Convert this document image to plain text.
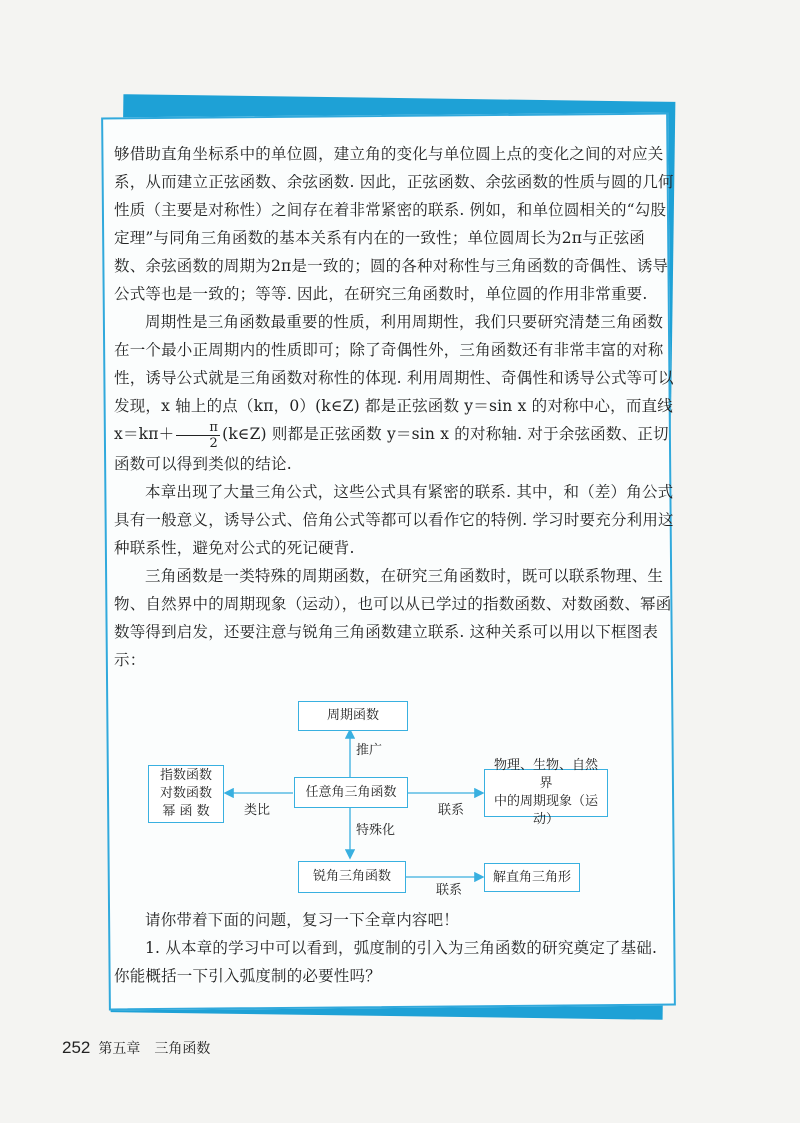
够借助直角坐标系中的单位圆，建立角的变化与单位圆上点的变化之间的对应关系，从而建立正弦函数、余弦函数. 因此，正弦函数、余弦函数的性质与圆的几何性质（主要是对称性）之间存在着非常紧密的联系. 例如，和单位圆相关的“勾股定理”与同角三角函数的基本关系有内在的一致性；单位圆周长为2π与正弦函数、余弦函数的周期为2π是一致的；圆的各种对称性与三角函数的奇偶性、诱导公式等也是一致的；等等. 因此，在研究三角函数时，单位圆的作用非常重要.

周期性是三角函数最重要的性质，利用周期性，我们只要研究清楚三角函数在一个最小正周期内的性质即可；除了奇偶性外，三角函数还有非常丰富的对称性，诱导公式就是三角函数对称性的体现. 利用周期性、奇偶性和诱导公式等可以发现，x 轴上的点（kπ，0）(k∈Z) 都是正弦函数 y＝sin x 的对称中心，而直线 $x=k\pi+ \frac{\pi}{2}$ (k∈Z) 则都是正弦函数 y＝sin x 的对称轴. 对于余弦函数、正切函数可以得到类似的结论.

本章出现了大量三角公式，这些公式具有紧密的联系. 其中，和（差）角公式具有一般意义，诱导公式、倍角公式等都可以看作它的特例. 学习时要充分利用这种联系性，避免对公式的死记硬背.

三角函数是一类特殊的周期函数，在研究三角函数时，既可以联系物理、生物、自然界中的周期现象（运动），也可以从已学过的指数函数、对数函数、幂函数等得到启发，还要注意与锐角三角函数建立联系. 这种关系可以用以下框图表示：

周期函数
任意角三角函数
指数函数
对数函数
幂 函 数
物理、生物、自然界
中的周期现象（运动）
锐角三角函数	解直角三角形
推广
类比	联系
特殊化
联系

请你带着下面的问题，复习一下全章内容吧！

1. 从本章的学习中可以看到，弧度制的引入为三角函数的研究奠定了基础. 你能概括一下引入弧度制的必要性吗？

252 第五章　三角函数
